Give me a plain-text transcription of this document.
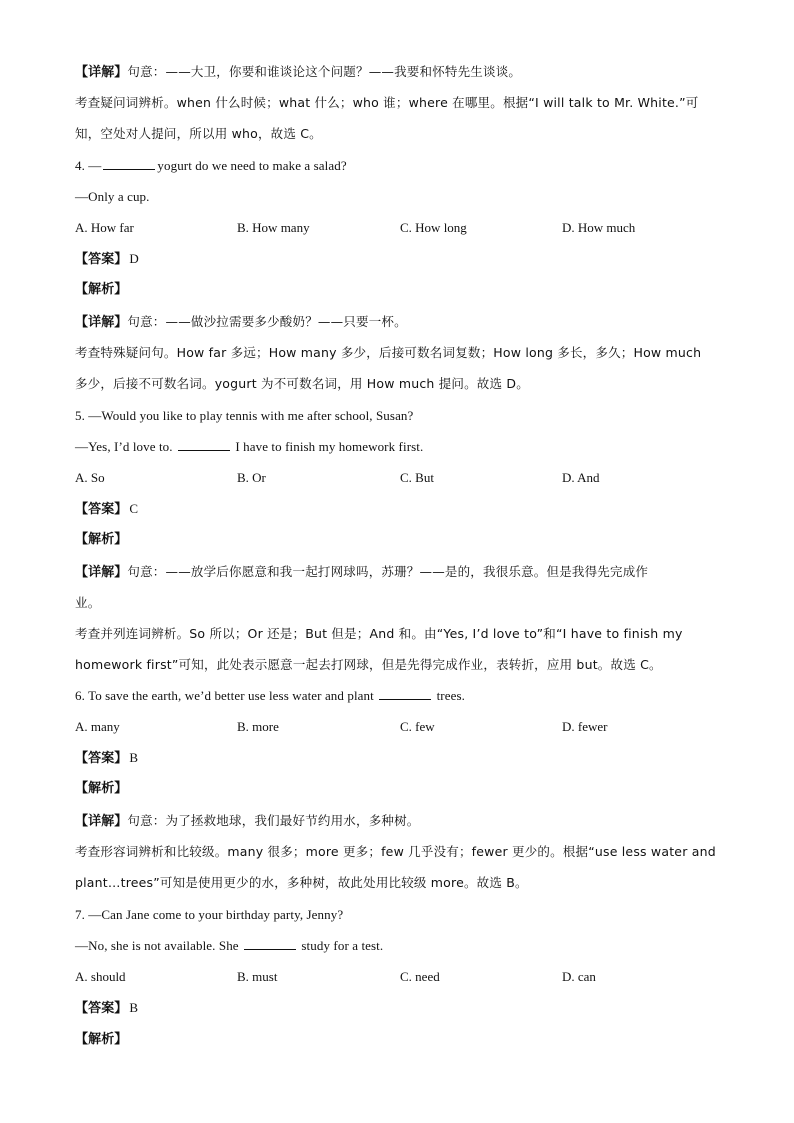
【详解】句意：——大卫，你要和谁谈论这个问题？——我要和怀特先生谈谈。
考查疑问词辨析。when 什么时候；what 什么；who 谁；where 在哪里。根据“I will talk to Mr. White.”可
知，空处对人提问，所以用 who，故选 C。
4. —	yogurt do we need to make a salad?
—Only a cup.
A. How far	B. How many	C. How long	D. How much
【答案】 D
【解析】
【详解】句意：——做沙拉需要多少酸奶？——只要一杯。
考查特殊疑问句。How far 多远；How many 多少，后接可数名词复数；How long 多长，多久；How much
多少，后接不可数名词。yogurt 为不可数名词，用 How much 提问。故选 D。
5. —Would you like to play tennis with me after school, Susan?
—Yes, I’d love to.	I have to finish my homework first.
A. So	B. Or	C. But	D. And
【答案】 C
【解析】
【详解】句意：——放学后你愿意和我一起打网球吗，苏珊？——是的，我很乐意。但是我得先完成作
业。
考查并列连词辨析。So 所以；Or 还是；But 但是；And 和。由“Yes, I’d love to”和“I have to finish my
homework first”可知，此处表示愿意一起去打网球，但是先得完成作业，表转折，应用 but。故选 C。
6. To save the earth, we’d better use less water and plant	trees.
A. many	B. more	C. few	D. fewer
【答案】 B
【解析】
【详解】句意：为了拯救地球，我们最好节约用水，多种树。
考查形容词辨析和比较级。many 很多；more 更多；few 几乎没有；fewer 更少的。根据“use less water and
plant…trees”可知是使用更少的水，多种树，故此处用比较级 more。故选 B。
7. —Can Jane come to your birthday party, Jenny?
—No, she is not available. She	study for a test.
A. should	B. must	C. need	D. can
【答案】 B
【解析】
